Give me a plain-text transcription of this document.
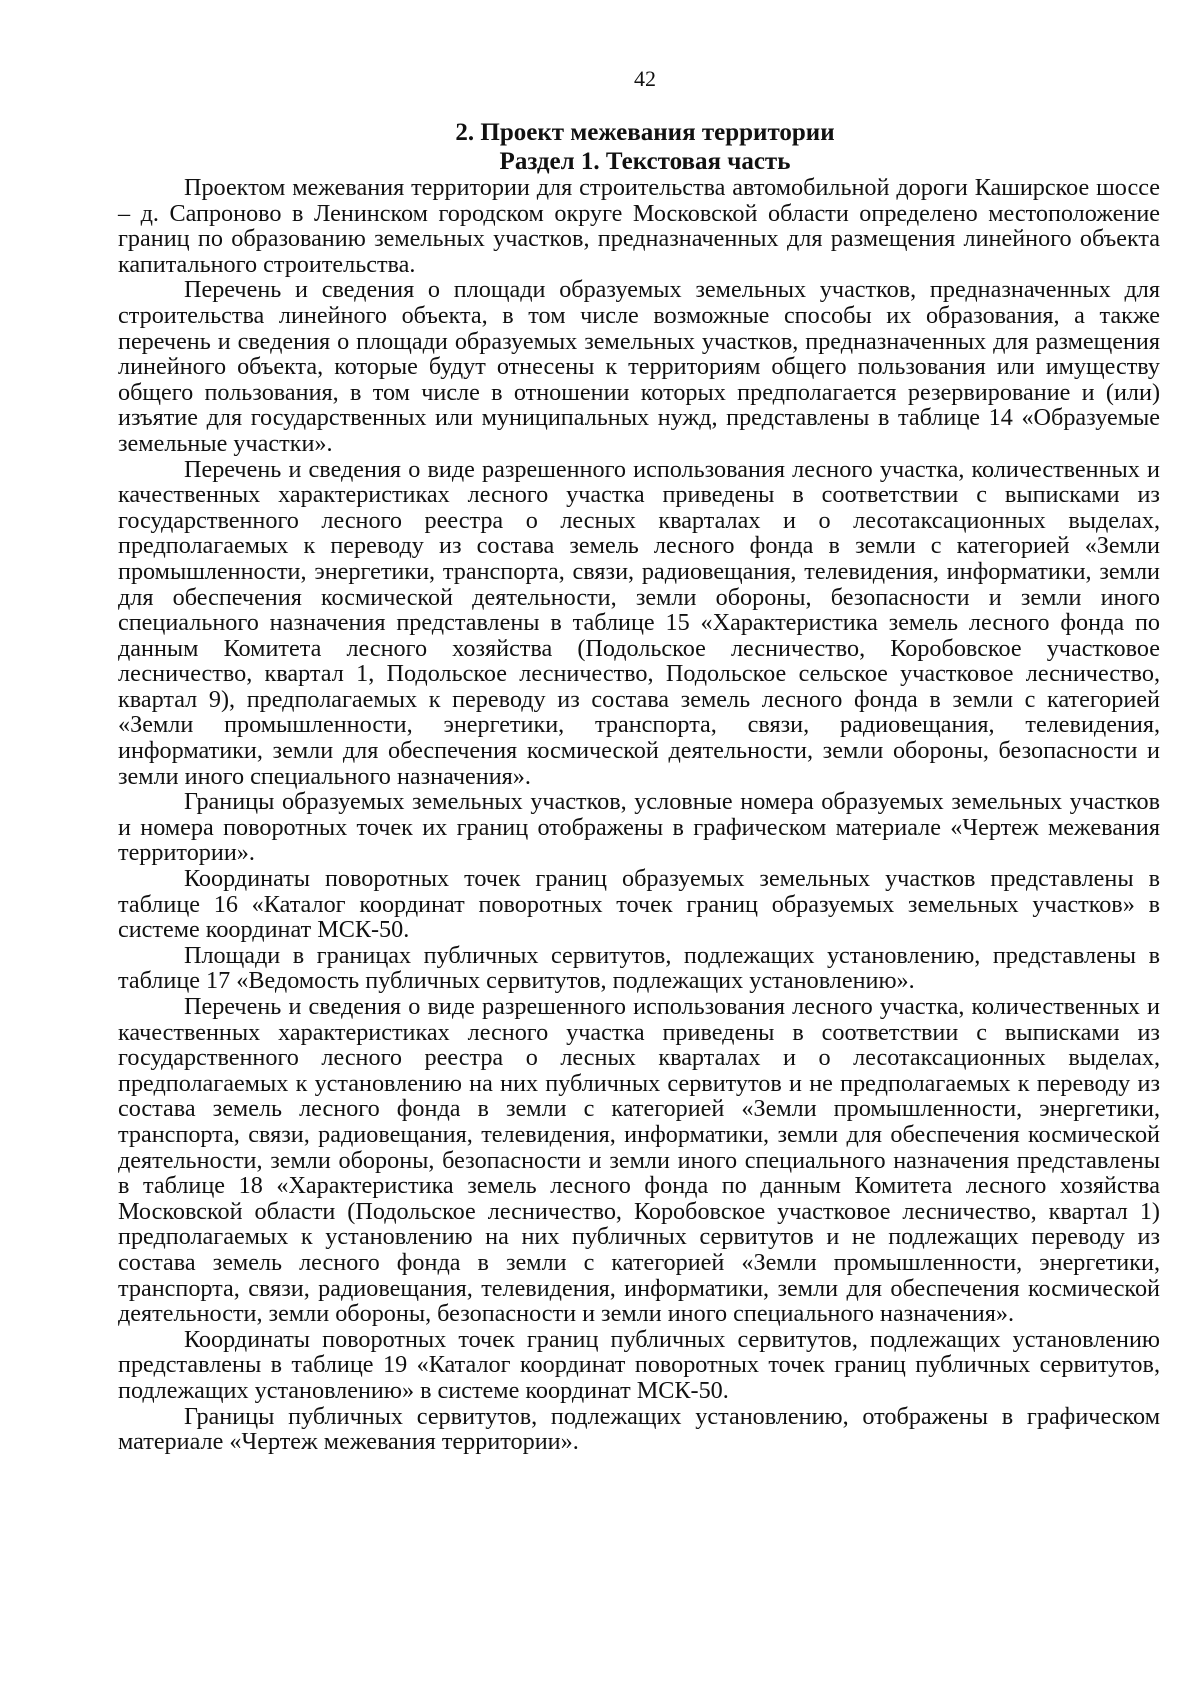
42
2. Проект межевания территории
Раздел 1. Текстовая часть

Проектом межевания территории для строительства автомобильной дороги Каширское шоссе – д. Сапроново в Ленинском городском округе Московской области определено местоположение границ по образованию земельных участков, предназначенных для размещения линейного объекта капитального строительства.

Перечень и сведения о площади образуемых земельных участков, предназначенных для строительства линейного объекта, в том числе возможные способы их образования, а также перечень и сведения о площади образуемых земельных участков, предназначенных для размещения линейного объекта, которые будут отнесены к территориям общего пользования или имуществу общего пользования, в том числе в отношении которых предполагается резервирование и (или) изъятие для государственных или муниципальных нужд, представлены в таблице 14 «Образуемые земельные участки».

Перечень и сведения о виде разрешенного использования лесного участка, количественных и качественных характеристиках лесного участка приведены в соответствии с выписками из государственного лесного реестра о лесных кварталах и о лесотаксационных выделах, предполагаемых к переводу из состава земель лесного фонда в земли с категорией «Земли промышленности, энергетики, транспорта, связи, радиовещания, телевидения, информатики, земли для обеспечения космической деятельности, земли обороны, безопасности и земли иного специального назначения представлены в таблице 15 «Характеристика земель лесного фонда по данным Комитета лесного хозяйства (Подольское лесничество, Коробовское участковое лесничество, квартал 1, Подольское лесничество, Подольское сельское участковое лесничество, квартал 9), предполагаемых к переводу из состава земель лесного фонда в земли с категорией «Земли промышленности, энергетики, транспорта, связи, радиовещания, телевидения, информатики, земли для обеспечения космической деятельности, земли обороны, безопасности и земли иного специального назначения».

Границы образуемых земельных участков, условные номера образуемых земельных участков и номера поворотных точек их границ отображены в графическом материале «Чертеж межевания территории».

Координаты поворотных точек границ образуемых земельных участков представлены в таблице 16 «Каталог координат поворотных точек границ образуемых земельных участков» в системе координат МСК-50.

Площади в границах публичных сервитутов, подлежащих установлению, представлены в таблице 17 «Ведомость публичных сервитутов, подлежащих установлению».

Перечень и сведения о виде разрешенного использования лесного участка, количественных и качественных характеристиках лесного участка приведены в соответствии с выписками из государственного лесного реестра о лесных кварталах и о лесотаксационных выделах, предполагаемых к установлению на них публичных сервитутов и не предполагаемых к переводу из состава земель лесного фонда в земли с категорией «Земли промышленности, энергетики, транспорта, связи, радиовещания, телевидения, информатики, земли для обеспечения космической деятельности, земли обороны, безопасности и земли иного специального назначения представлены в таблице 18 «Характеристика земель лесного фонда по данным Комитета лесного хозяйства Московской области (Подольское лесничество, Коробовское участковое лесничество, квартал 1) предполагаемых к установлению на них публичных сервитутов и не подлежащих переводу из состава земель лесного фонда в земли с категорией «Земли промышленности, энергетики, транспорта, связи, радиовещания, телевидения, информатики, земли для обеспечения космической деятельности, земли обороны, безопасности и земли иного специального назначения».

Координаты поворотных точек границ публичных сервитутов, подлежащих установлению представлены в таблице 19 «Каталог координат поворотных точек границ публичных сервитутов, подлежащих установлению» в системе координат МСК-50.

Границы публичных сервитутов, подлежащих установлению, отображены в графическом материале «Чертеж межевания территории».
